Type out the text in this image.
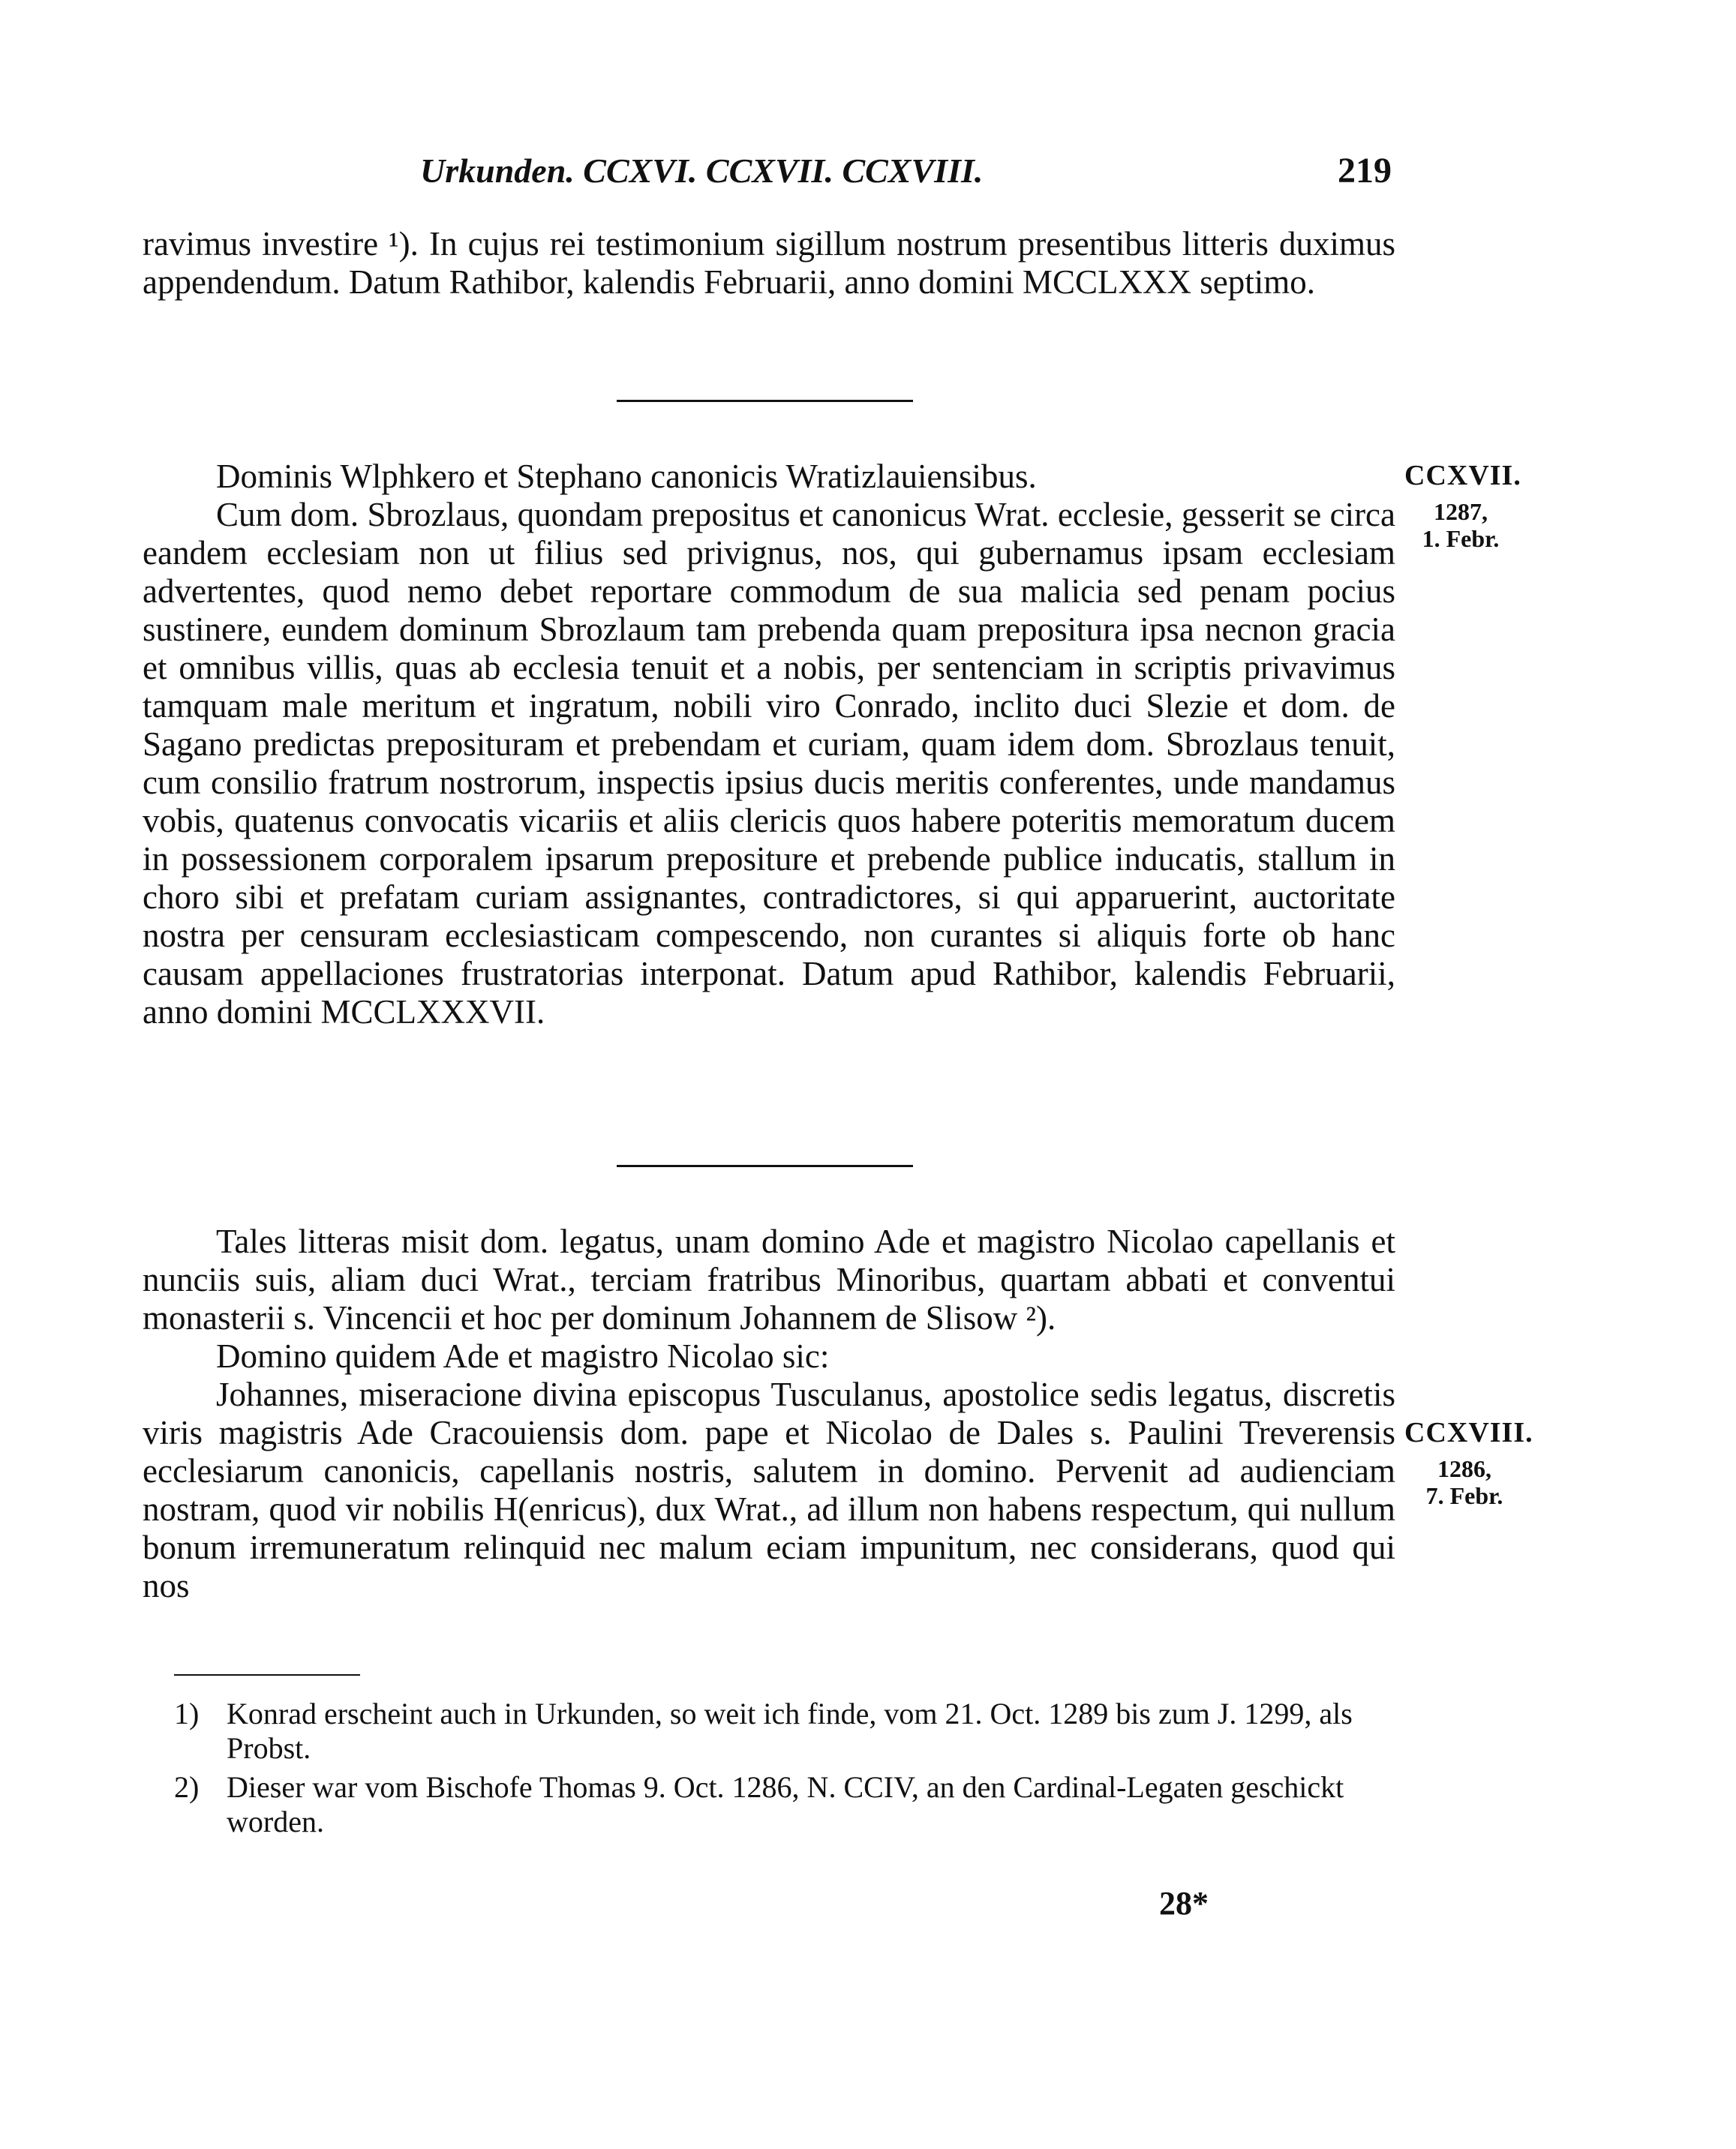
Urkunden. CCXVI. CCXVII. CCXVIII.	219

ravimus investire ¹). In cujus rei testimonium sigillum nostrum presentibus litteris duximus appendendum. Datum Rathibor, kalendis Februarii, anno domini MCCLXXX septimo.

Dominis Wlphkero et Stephano canonicis Wratizlauiensibus.

Cum dom. Sbrozlaus, quondam prepositus et canonicus Wrat. ecclesie, gesserit se circa eandem ecclesiam non ut filius sed privignus, nos, qui gubernamus ipsam ecclesiam advertentes, quod nemo debet reportare commodum de sua malicia sed penam pocius sustinere, eundem dominum Sbrozlaum tam prebenda quam prepositura ipsa necnon gracia et omnibus villis, quas ab ecclesia tenuit et a nobis, per sentenciam in scriptis privavimus tamquam male meritum et ingratum, nobili viro Conrado, inclito duci Slezie et dom. de Sagano predictas preposituram et prebendam et curiam, quam idem dom. Sbrozlaus tenuit, cum consilio fratrum nostrorum, inspectis ipsius ducis meritis conferentes, unde mandamus vobis, quatenus convocatis vicariis et aliis clericis quos habere poteritis memoratum ducem in possessionem corporalem ipsarum prepositure et prebende publice inducatis, stallum in choro sibi et prefatam curiam assignantes, contradictores, si qui apparuerint, auctoritate nostra per censuram ecclesiasticam compescendo, non curantes si aliquis forte ob hanc causam appellaciones frustratorias interponat. Datum apud Rathibor, kalendis Februarii, anno domini MCCLXXXVII.

CCXVII.
1287,
1. Febr.

Tales litteras misit dom. legatus, unam domino Ade et magistro Nicolao capellanis et nunciis suis, aliam duci Wrat., terciam fratribus Minoribus, quartam abbati et conventui monasterii s. Vincencii et hoc per dominum Johannem de Slisow ²).

Domino quidem Ade et magistro Nicolao sic:

Johannes, miseracione divina episcopus Tusculanus, apostolice sedis legatus, discretis viris magistris Ade Cracouiensis dom. pape et Nicolao de Dales s. Paulini Treverensis ecclesiarum canonicis, capellanis nostris, salutem in domino. Pervenit ad audienciam nostram, quod vir nobilis H(enricus), dux Wrat., ad illum non habens respectum, qui nullum bonum irremuneratum relinquid nec malum eciam impunitum, nec considerans, quod qui nos

CCXVIII.
1286,
7. Febr.
1) Konrad erscheint auch in Urkunden, so weit ich finde, vom 21. Oct. 1289 bis zum J. 1299, als Probst.
2) Dieser war vom Bischofe Thomas 9. Oct. 1286, N. CCIV, an den Cardinal-Legaten geschickt worden.
28*
